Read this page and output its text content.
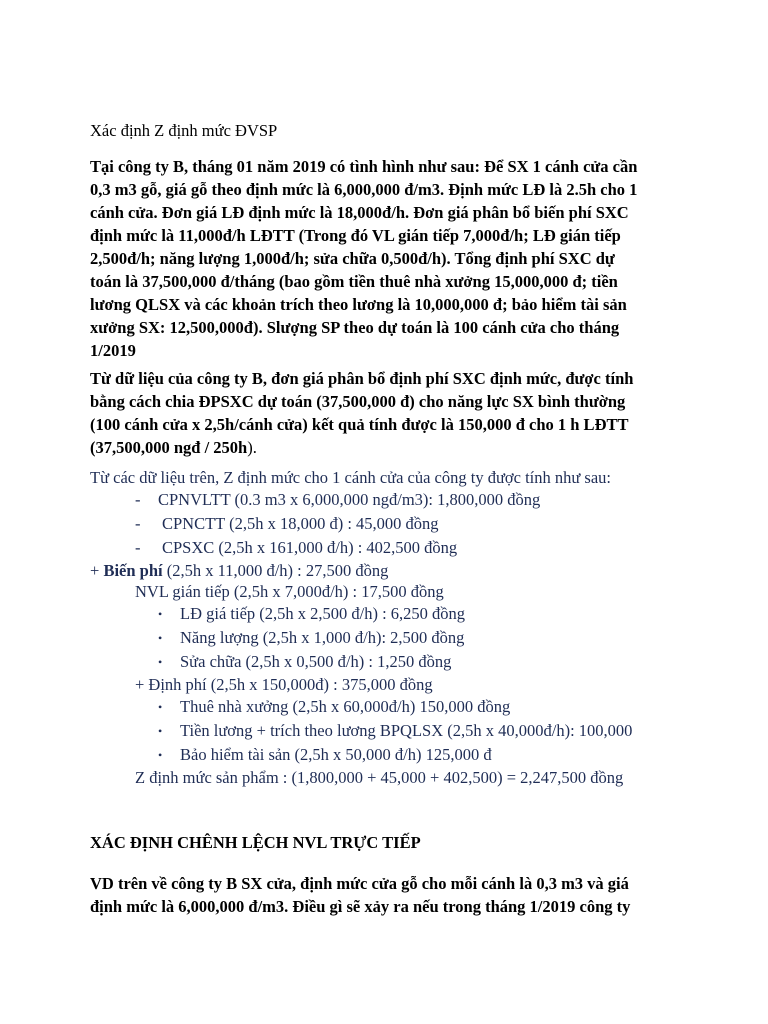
Xác định Z định mức ĐVSP
Tại công ty B, tháng 01 năm 2019 có tình hình như sau: Để SX 1 cánh cửa cần
0,3 m3 gỗ, giá gỗ theo định mức là 6,000,000 đ/m3. Định mức LĐ là 2.5h cho 1
cánh cửa. Đơn giá LĐ định mức là 18,000đ/h. Đơn giá phân bổ biến phí SXC
định mức là 11,000đ/h LĐTT (Trong đó VL gián tiếp 7,000đ/h; LĐ gián tiếp
2,500đ/h; năng lượng 1,000đ/h; sửa chữa 0,500đ/h). Tổng định phí SXC dự
toán là 37,500,000 đ/tháng (bao gồm tiền thuê nhà xưởng 15,000,000 đ; tiền
lương QLSX và các khoản trích theo lương là 10,000,000 đ; bảo hiểm tài sản
xưởng SX: 12,500,000đ). Slượng SP theo dự toán là 100 cánh cửa cho tháng
1/2019
Từ dữ liệu của công ty B, đơn giá phân bổ định phí SXC định mức, được tính
bằng cách chia ĐPSXC dự toán (37,500,000 đ) cho năng lực SX bình thường
(100 cánh cửa x 2,5h/cánh cửa) kết quả tính được là 150,000 đ cho 1 h LĐTT
(37,500,000 ngđ / 250h).
Từ các dữ liệu trên, Z định mức cho 1 cánh cửa của công ty được tính như sau:
- CPNVLTT (0.3 m3 x 6,000,000 ngđ/m3): 1,800,000 đồng
- CPNCTT (2,5h x 18,000 đ) : 45,000 đồng
- CPSXC (2,5h x 161,000 đ/h) : 402,500 đồng
+ Biến phí (2,5h x 11,000 đ/h) : 27,500 đồng
NVL gián tiếp (2,5h x 7,000đ/h) : 17,500 đồng
• LĐ giá tiếp (2,5h x 2,500 đ/h) : 6,250 đồng
• Năng lượng (2,5h x 1,000 đ/h): 2,500 đồng
• Sửa chữa (2,5h x 0,500 đ/h) : 1,250 đồng
+ Định phí (2,5h x 150,000đ) : 375,000 đồng
• Thuê nhà xưởng (2,5h x 60,000đ/h) 150,000 đồng
• Tiền lương + trích theo lương BPQLSX (2,5h x 40,000đ/h): 100,000
• Bảo hiểm tài sản (2,5h x 50,000 đ/h) 125,000 đ
Z định mức sản phẩm : (1,800,000 + 45,000 + 402,500) = 2,247,500 đồng
XÁC ĐỊNH CHÊNH LỆCH NVL TRỰC TIẾP
VD trên về công ty B SX cửa, định mức cửa gỗ cho mỗi cánh là 0,3 m3 và giá
định mức là 6,000,000 đ/m3. Điều gì sẽ xảy ra nếu trong tháng 1/2019 công ty
